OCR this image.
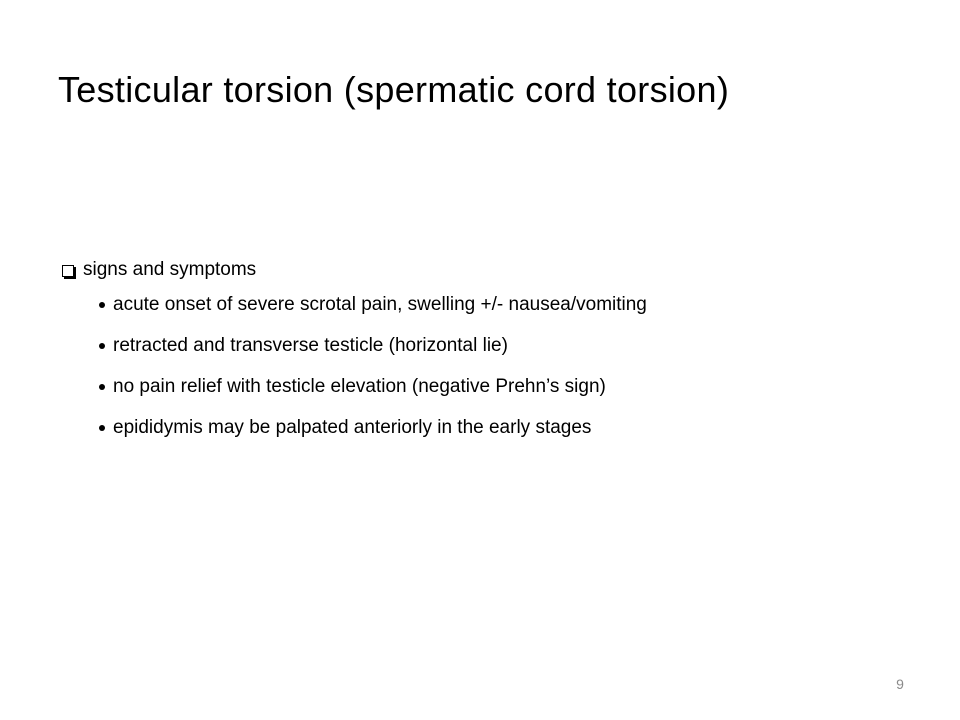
Testicular torsion (spermatic cord torsion)
signs and symptoms
acute onset of severe scrotal pain, swelling +/- nausea/vomiting
retracted and transverse testicle (horizontal lie)
no pain relief with testicle elevation (negative Prehn’s sign)
epididymis may be palpated anteriorly in the early stages
9
